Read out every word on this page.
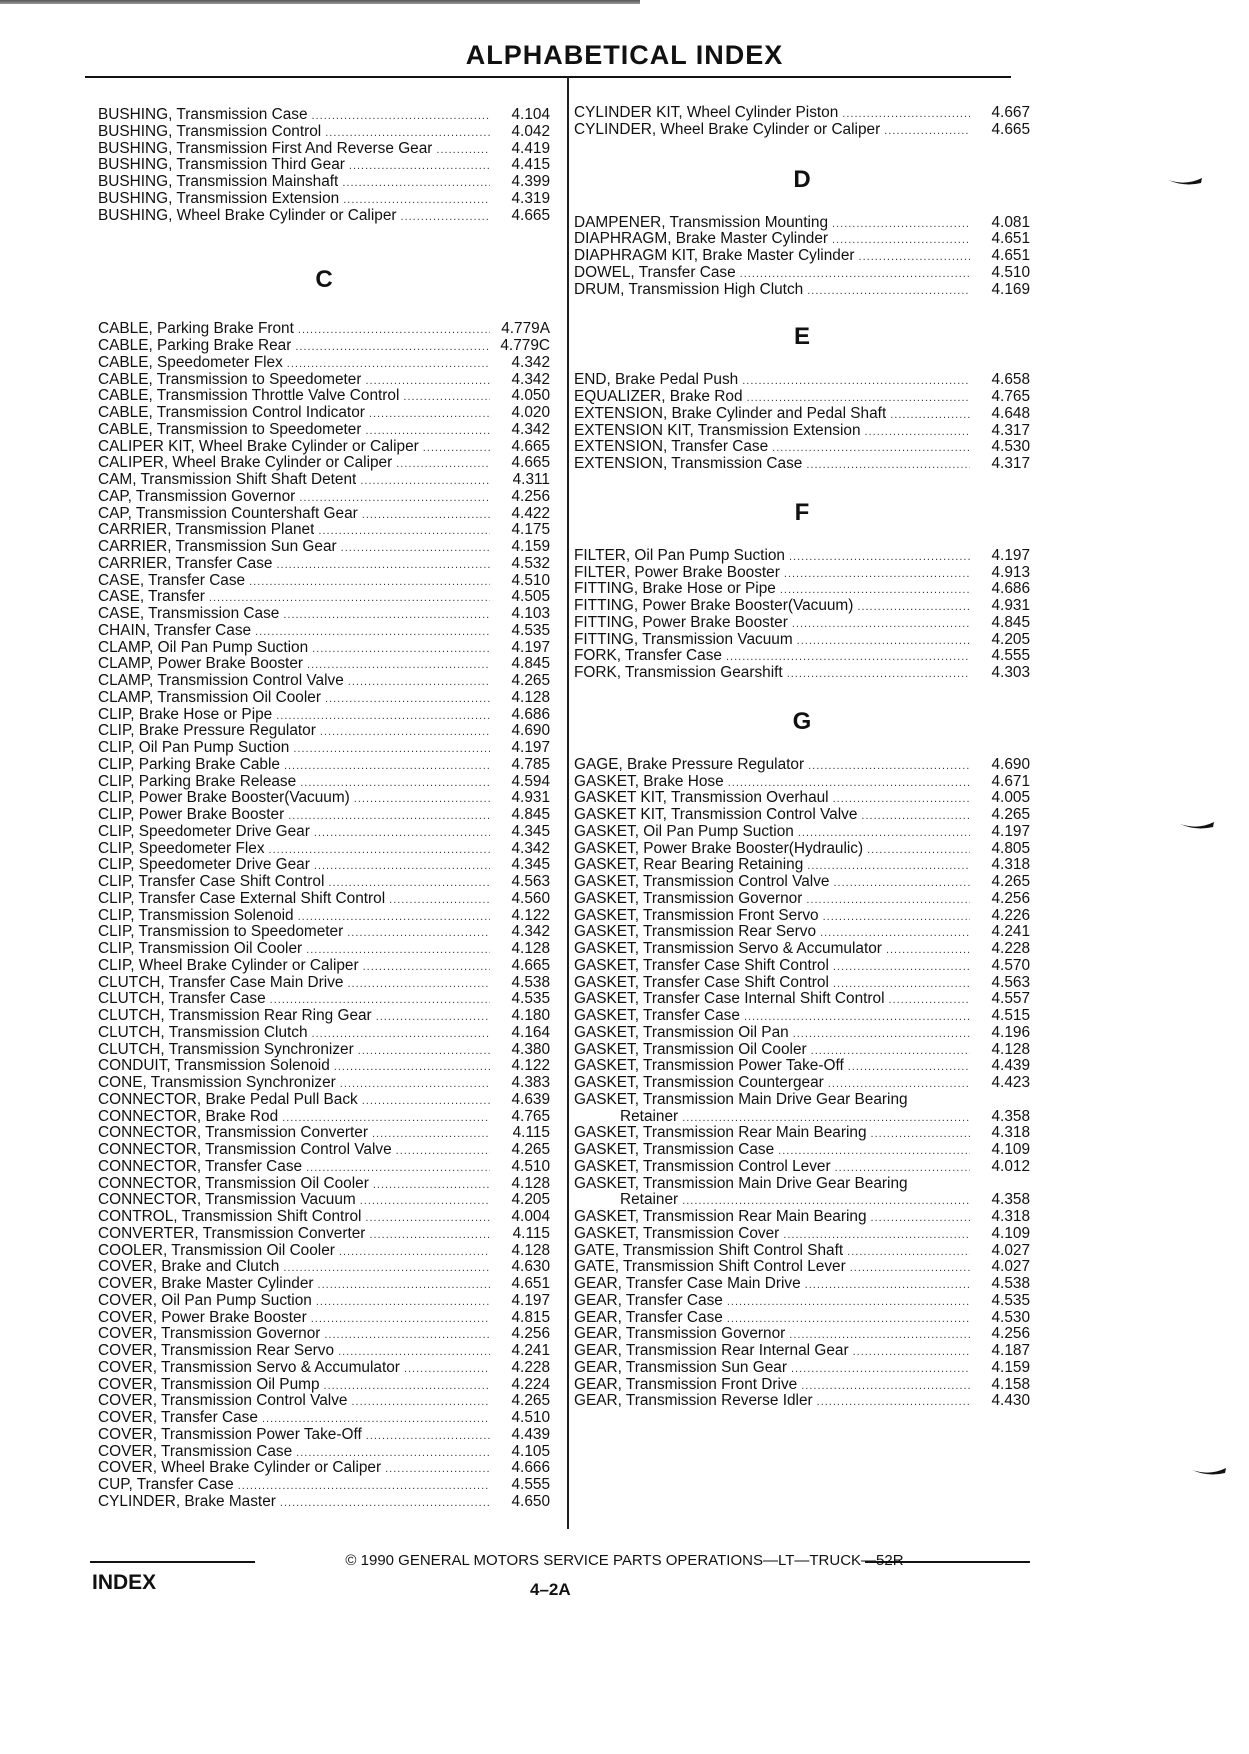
ALPHABETICAL INDEX
BUSHING, Transmission Case .....	4.104
BUSHING, Transmission Control .....	4.042
BUSHING, Transmission First And Reverse Gear .....	4.419
BUSHING, Transmission Third Gear .....	4.415
BUSHING, Transmission Mainshaft .....	4.399
BUSHING, Transmission Extension .....	4.319
BUSHING, Wheel Brake Cylinder or Caliper .....	4.665
C
CABLE, Parking Brake Front .....	4.779A
CABLE, Parking Brake Rear .....	4.779C
CABLE, Speedometer Flex .....	4.342
CABLE, Transmission to Speedometer .....	4.342
CABLE, Transmission Throttle Valve Control .....	4.050
CABLE, Transmission Control Indicator .....	4.020
CABLE, Transmission to Speedometer .....	4.342
CALIPER KIT, Wheel Brake Cylinder or Caliper .....	4.665
CALIPER, Wheel Brake Cylinder or Caliper .....	4.665
CAM, Transmission Shift Shaft Detent .....	4.311
CAP, Transmission Governor .....	4.256
CAP, Transmission Countershaft Gear .....	4.422
CARRIER, Transmission Planet .....	4.175
CARRIER, Transmission Sun Gear .....	4.159
CARRIER, Transfer Case .....	4.532
CASE, Transfer Case .....	4.510
CASE, Transfer .....	4.505
CASE, Transmission Case .....	4.103
CHAIN, Transfer Case .....	4.535
CLAMP, Oil Pan Pump Suction .....	4.197
CLAMP, Power Brake Booster .....	4.845
CLAMP, Transmission Control Valve .....	4.265
CLAMP, Transmission Oil Cooler .....	4.128
CLIP, Brake Hose or Pipe .....	4.686
CLIP, Brake Pressure Regulator .....	4.690
CLIP, Oil Pan Pump Suction .....	4.197
CLIP, Parking Brake Cable .....	4.785
CLIP, Parking Brake Release .....	4.594
CLIP, Power Brake Booster(Vacuum) .....	4.931
CLIP, Power Brake Booster .....	4.845
CLIP, Speedometer Drive Gear .....	4.345
CLIP, Speedometer Flex .....	4.342
CLIP, Speedometer Drive Gear .....	4.345
CLIP, Transfer Case Shift Control .....	4.563
CLIP, Transfer Case External Shift Control .....	4.560
CLIP, Transmission Solenoid .....	4.122
CLIP, Transmission to Speedometer .....	4.342
CLIP, Transmission Oil Cooler .....	4.128
CLIP, Wheel Brake Cylinder or Caliper .....	4.665
CLUTCH, Transfer Case Main Drive .....	4.538
CLUTCH, Transfer Case .....	4.535
CLUTCH, Transmission Rear Ring Gear .....	4.180
CLUTCH, Transmission Clutch .....	4.164
CLUTCH, Transmission Synchronizer .....	4.380
CONDUIT, Transmission Solenoid .....	4.122
CONE, Transmission Synchronizer .....	4.383
CONNECTOR, Brake Pedal Pull Back .....	4.639
CONNECTOR, Brake Rod .....	4.765
CONNECTOR, Transmission Converter .....	4.115
CONNECTOR, Transmission Control Valve .....	4.265
CONNECTOR, Transfer Case .....	4.510
CONNECTOR, Transmission Oil Cooler .....	4.128
CONNECTOR, Transmission Vacuum .....	4.205
CONTROL, Transmission Shift Control .....	4.004
CONVERTER, Transmission Converter .....	4.115
COOLER, Transmission Oil Cooler .....	4.128
COVER, Brake and Clutch .....	4.630
COVER, Brake Master Cylinder .....	4.651
COVER, Oil Pan Pump Suction .....	4.197
COVER, Power Brake Booster .....	4.815
COVER, Transmission Governor .....	4.256
COVER, Transmission Rear Servo .....	4.241
COVER, Transmission Servo & Accumulator .....	4.228
COVER, Transmission Oil Pump .....	4.224
COVER, Transmission Control Valve .....	4.265
COVER, Transfer Case .....	4.510
COVER, Transmission Power Take-Off .....	4.439
COVER, Transmission Case .....	4.105
COVER, Wheel Brake Cylinder or Caliper .....	4.666
CUP, Transfer Case .....	4.555
CYLINDER, Brake Master .....	4.650
CYLINDER KIT, Wheel Cylinder Piston .....	4.667
CYLINDER, Wheel Brake Cylinder or Caliper .....	4.665
D
DAMPENER, Transmission Mounting .....	4.081
DIAPHRAGM, Brake Master Cylinder .....	4.651
DIAPHRAGM KIT, Brake Master Cylinder .....	4.651
DOWEL, Transfer Case .....	4.510
DRUM, Transmission High Clutch .....	4.169
E
END, Brake Pedal Push .....	4.658
EQUALIZER, Brake Rod .....	4.765
EXTENSION, Brake Cylinder and Pedal Shaft .....	4.648
EXTENSION KIT, Transmission Extension .....	4.317
EXTENSION, Transfer Case .....	4.530
EXTENSION, Transmission Case .....	4.317
F
FILTER, Oil Pan Pump Suction .....	4.197
FILTER, Power Brake Booster .....	4.913
FITTING, Brake Hose or Pipe .....	4.686
FITTING, Power Brake Booster(Vacuum) .....	4.931
FITTING, Power Brake Booster .....	4.845
FITTING, Transmission Vacuum .....	4.205
FORK, Transfer Case .....	4.555
FORK, Transmission Gearshift .....	4.303
G
GAGE, Brake Pressure Regulator .....	4.690
GASKET, Brake Hose .....	4.671
GASKET KIT, Transmission Overhaul .....	4.005
GASKET KIT, Transmission Control Valve .....	4.265
GASKET, Oil Pan Pump Suction .....	4.197
GASKET, Power Brake Booster(Hydraulic) .....	4.805
GASKET, Rear Bearing Retaining .....	4.318
GASKET, Transmission Control Valve .....	4.265
GASKET, Transmission Governor .....	4.256
GASKET, Transmission Front Servo .....	4.226
GASKET, Transmission Rear Servo .....	4.241
GASKET, Transmission Servo & Accumulator .....	4.228
GASKET, Transfer Case Shift Control .....	4.570
GASKET, Transfer Case Shift Control .....	4.563
GASKET, Transfer Case Internal Shift Control .....	4.557
GASKET, Transfer Case .....	4.515
GASKET, Transmission Oil Pan .....	4.196
GASKET, Transmission Oil Cooler .....	4.128
GASKET, Transmission Power Take-Off .....	4.439
GASKET, Transmission Countergear .....	4.423
GASKET, Transmission Main Drive Gear Bearing
Retainer .....	4.358
GASKET, Transmission Rear Main Bearing .....	4.318
GASKET, Transmission Case .....	4.109
GASKET, Transmission Control Lever .....	4.012
GASKET, Transmission Main Drive Gear Bearing
Retainer .....	4.358
GASKET, Transmission Rear Main Bearing .....	4.318
GASKET, Transmission Cover .....	4.109
GATE, Transmission Shift Control Shaft .....	4.027
GATE, Transmission Shift Control Lever .....	4.027
GEAR, Transfer Case Main Drive .....	4.538
GEAR, Transfer Case .....	4.535
GEAR, Transfer Case .....	4.530
GEAR, Transmission Governor .....	4.256
GEAR, Transmission Rear Internal Gear .....	4.187
GEAR, Transmission Sun Gear .....	4.159
GEAR, Transmission Front Drive .....	4.158
GEAR, Transmission Reverse Idler .....	4.430
© 1990 GENERAL MOTORS SERVICE PARTS OPERATIONS—LT—TRUCK—52R
INDEX	4–2A
